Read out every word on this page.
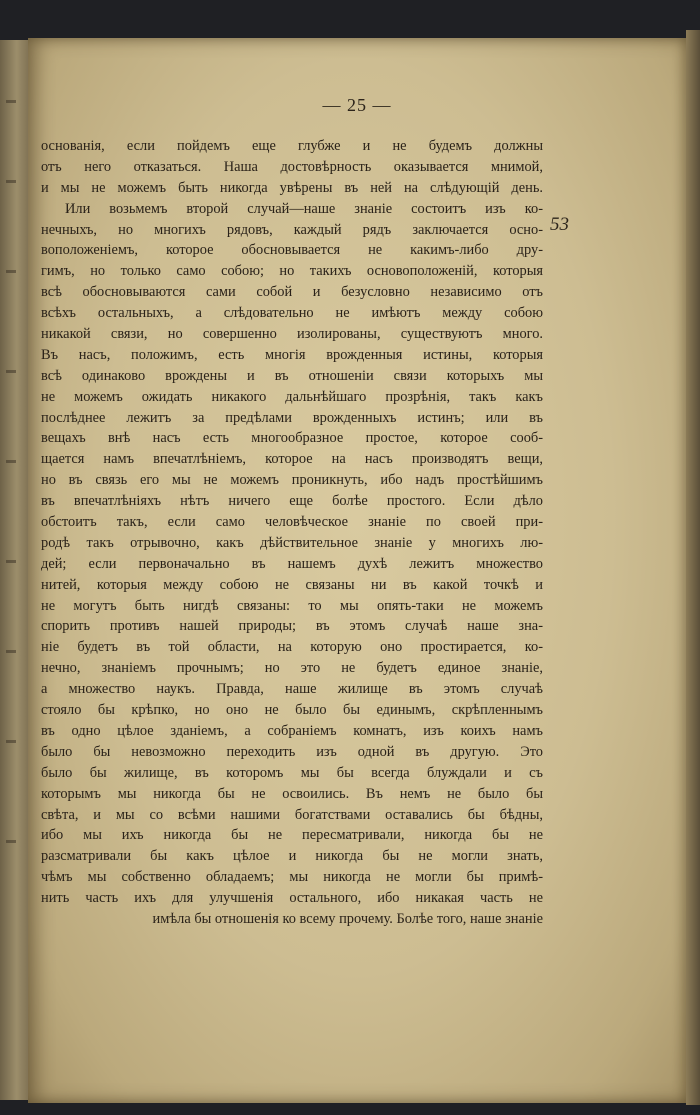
— 25 —
53
основанія, если пойдемъ еще глубже и не будемъ должны
отъ него отказаться. Наша достовѣрность оказывается мнимой,
и мы не можемъ быть никогда увѣрены въ ней на слѣдующій день.
Или возьмемъ второй случай—наше знаніе состоитъ изъ ко-
нечныхъ, но многихъ рядовъ, каждый рядъ заключается осно-
воположеніемъ, которое обосновывается не какимъ-либо дру-
гимъ, но только само собою; но такихъ основоположеній, которыя
всѣ обосновываются сами собой и безусловно независимо отъ
всѣхъ остальныхъ, а слѣдовательно не имѣютъ между собою
никакой связи, но совершенно изолированы, существуютъ много.
Въ насъ, положимъ, есть многія врожденныя истины, которыя
всѣ одинаково врождены и въ отношеніи связи которыхъ мы
не можемъ ожидать никакого дальнѣйшаго прозрѣнія, такъ какъ
послѣднее лежитъ за предѣлами врожденныхъ истинъ; или въ
вещахъ внѣ насъ есть многообразное простое, которое сооб-
щается намъ впечатлѣніемъ, которое на насъ производятъ вещи,
но въ связь его мы не можемъ проникнуть, ибо надъ простѣйшимъ
въ впечатлѣніяхъ нѣтъ ничего еще болѣе простого. Если дѣло
обстоитъ такъ, если само человѣческое знаніе по своей при-
родѣ такъ отрывочно, какъ дѣйствительное знаніе у многихъ лю-
дей; если первоначально въ нашемъ духѣ лежитъ множество
нитей, которыя между собою не связаны ни въ какой точкѣ и
не могутъ быть нигдѣ связаны: то мы опять-таки не можемъ
спорить противъ нашей природы; въ этомъ случаѣ наше зна-
ніе будетъ въ той области, на которую оно простирается, ко-
нечно, знаніемъ прочнымъ; но это не будетъ единое знаніе,
а множество наукъ. Правда, наше жилище въ этомъ случаѣ
стояло бы крѣпко, но оно не было бы единымъ, скрѣпленнымъ
въ одно цѣлое зданіемъ, а собраніемъ комнатъ, изъ коихъ намъ
было бы невозможно переходить изъ одной въ другую. Это
было бы жилище, въ которомъ мы бы всегда блуждали и съ
которымъ мы никогда бы не освоились. Въ немъ не было бы
свѣта, и мы со всѣми нашими богатствами оставались бы бѣдны,
ибо мы ихъ никогда бы не пересматривали, никогда бы не
разсматривали бы какъ цѣлое и никогда бы не могли знать,
чѣмъ мы собственно обладаемъ; мы никогда не могли бы примѣ-
нить часть ихъ для улучшенія остального, ибо никакая часть не
имѣла бы отношенія ко всему прочему. Болѣе того, наше знаніе
